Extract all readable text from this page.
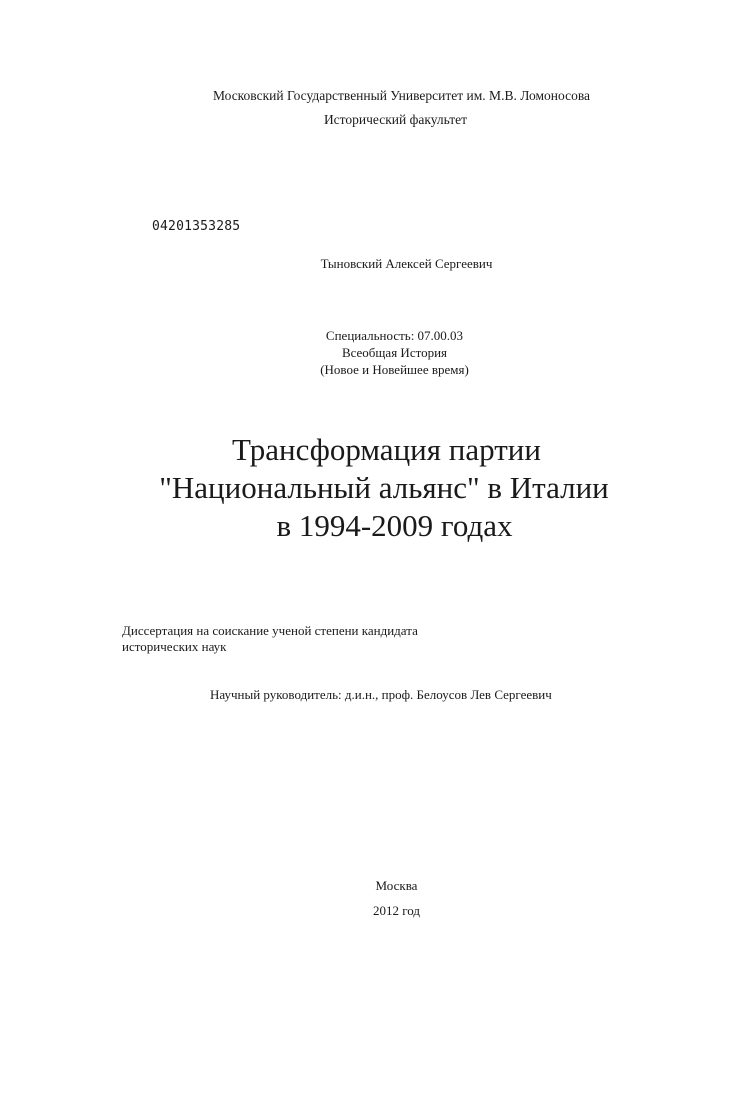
Московский Государственный Университет им. М.В. Ломоносова
Исторический факультет
04201353285
Тыновский Алексей Сергеевич
Специальность: 07.00.03
Всеобщая История
(Новое и Новейшее время)
Трансформация партии
"Национальный альянс" в Италии
в 1994-2009 годах
Диссертация на соискание ученой степени кандидата
исторических наук
Научный руководитель: д.и.н., проф. Белоусов Лев Сергеевич
Москва
2012 год
